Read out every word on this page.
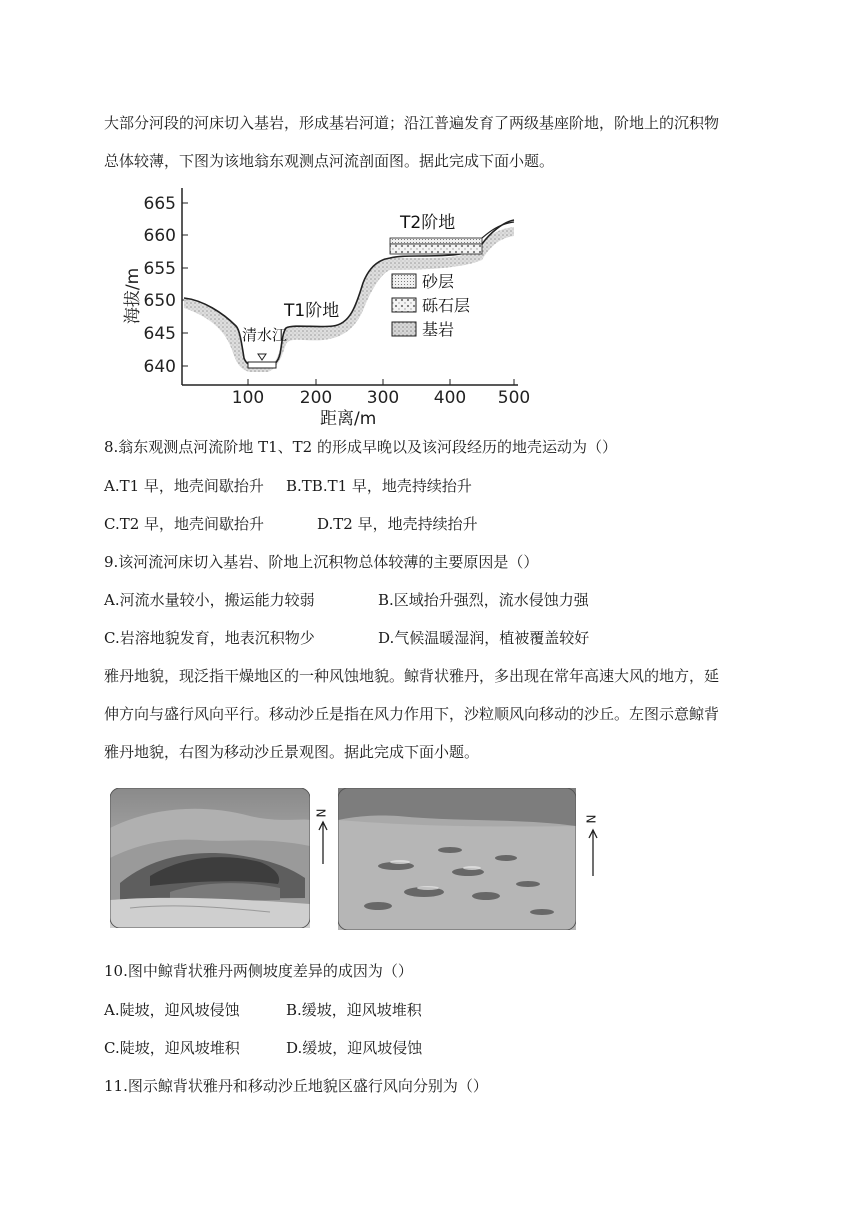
大部分河段的河床切入基岩，形成基岩河道；沿江普遍发育了两级基座阶地，阶地上的沉积物
总体较薄，下图为该地翁东观测点河流剖面图。据此完成下面小题。
665
660
655
650
645
640
100 200 300 400 500
海拔/m
清水江
T1阶地
T2阶地
砂层
砾石层
基岩
距离/m
8.翁东观测点河流阶地 T1、T2 的形成早晚以及该河段经历的地壳运动为（）
A.T1 早，地壳间歇抬升 B.TB.T1 早，地壳持续抬升
C.T2 早，地壳间歇抬升	D.T2 早，地壳持续抬升
9.该河流河床切入基岩、阶地上沉积物总体较薄的主要原因是（）
A.河流水量较小，搬运能力较弱	B.区域抬升强烈，流水侵蚀力强
C.岩溶地貌发育，地表沉积物少	D.气候温暖湿润，植被覆盖较好
雅丹地貌，现泛指干燥地区的一种风蚀地貌。鲸背状雅丹，多出现在常年高速大风的地方，延
伸方向与盛行风向平行。移动沙丘是指在风力作用下，沙粒顺风向移动的沙丘。左图示意鲸背
雅丹地貌，右图为移动沙丘景观图。据此完成下面小题。
N
N
10.图中鲸背状雅丹两侧坡度差异的成因为（）
A.陡坡，迎风坡侵蚀	B.缓坡，迎风坡堆积
C.陡坡，迎风坡堆积	D.缓坡，迎风坡侵蚀
11.图示鲸背状雅丹和移动沙丘地貌区盛行风向分别为（）
